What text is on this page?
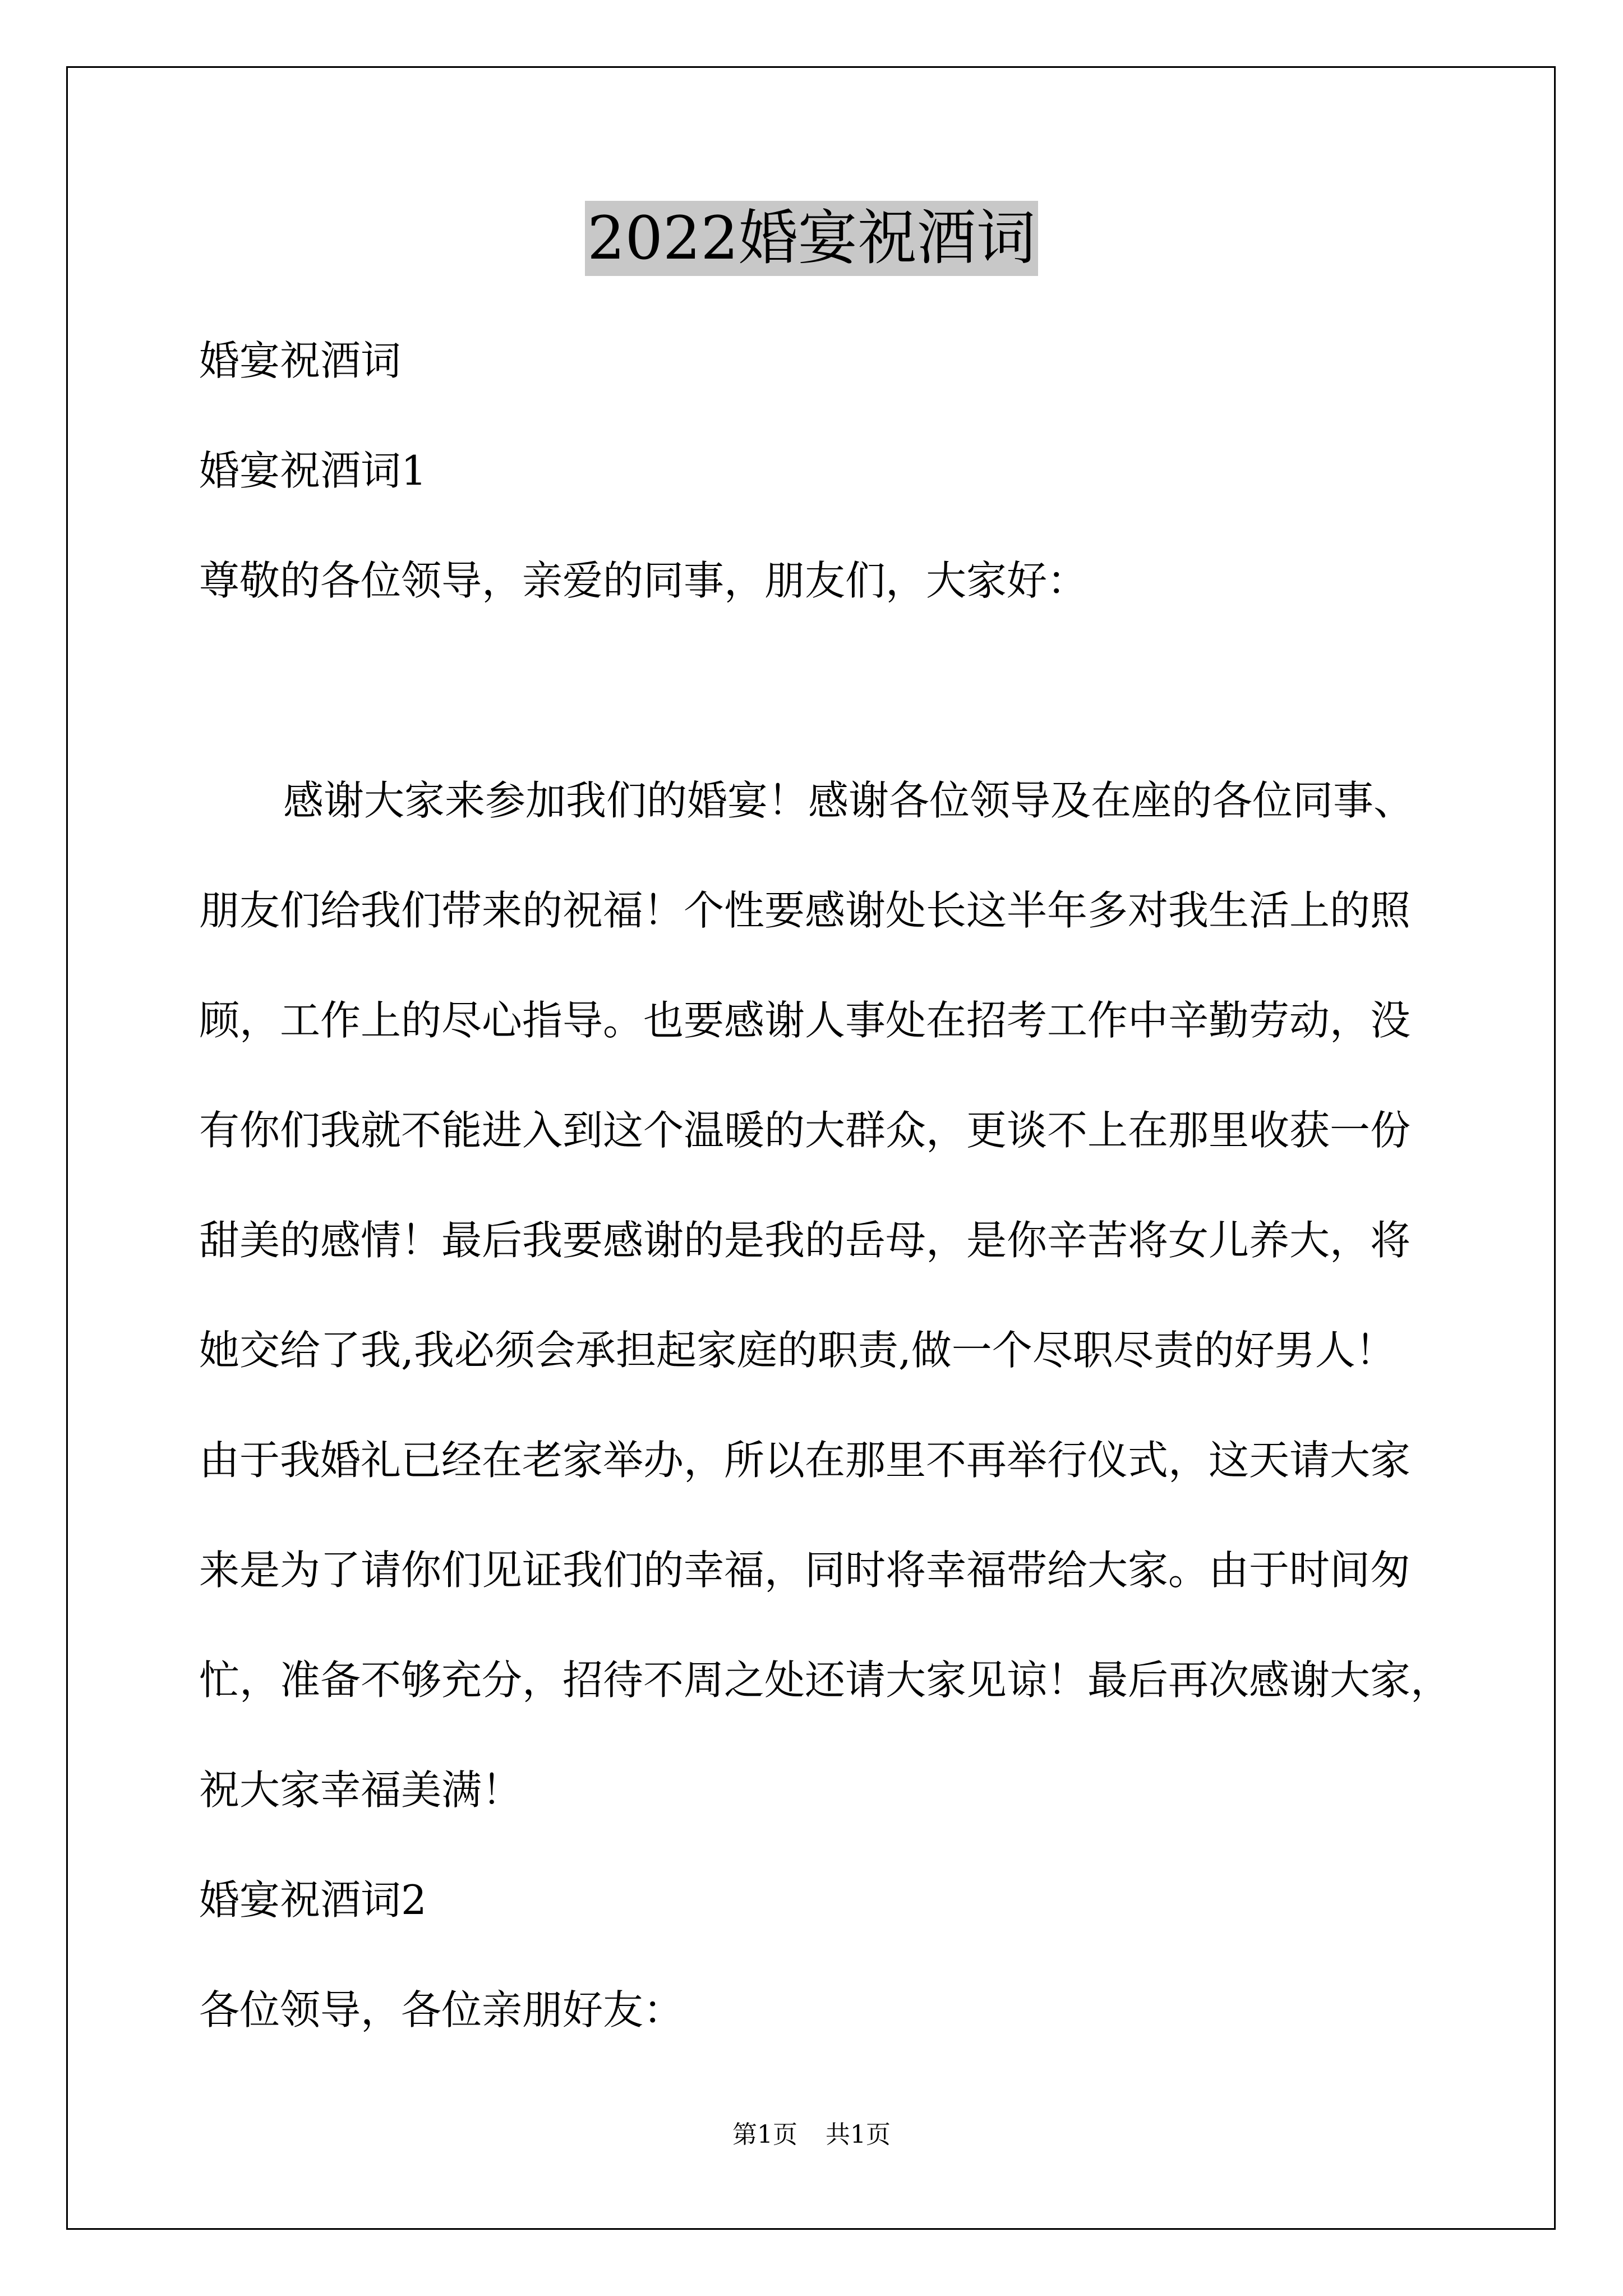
2022婚宴祝酒词
婚宴祝酒词
婚宴祝酒词1
尊敬的各位领导，亲爱的同事，朋友们，大家好：
感谢大家来参加我们的婚宴！感谢各位领导及在座的各位同事、
朋友们给我们带来的祝福！个性要感谢处长这半年多对我生活上的照
顾，工作上的尽心指导。也要感谢人事处在招考工作中辛勤劳动，没
有你们我就不能进入到这个温暖的大群众，更谈不上在那里收获一份
甜美的感情！最后我要感谢的是我的岳母，是你辛苦将女儿养大，将
她交给了我,我必须会承担起家庭的职责,做一个尽职尽责的好男人！
由于我婚礼已经在老家举办，所以在那里不再举行仪式，这天请大家
来是为了请你们见证我们的幸福，同时将幸福带给大家。由于时间匆
忙，准备不够充分，招待不周之处还请大家见谅！最后再次感谢大家，
祝大家幸福美满！
婚宴祝酒词2
各位领导，各位亲朋好友：
第1页 共1页
